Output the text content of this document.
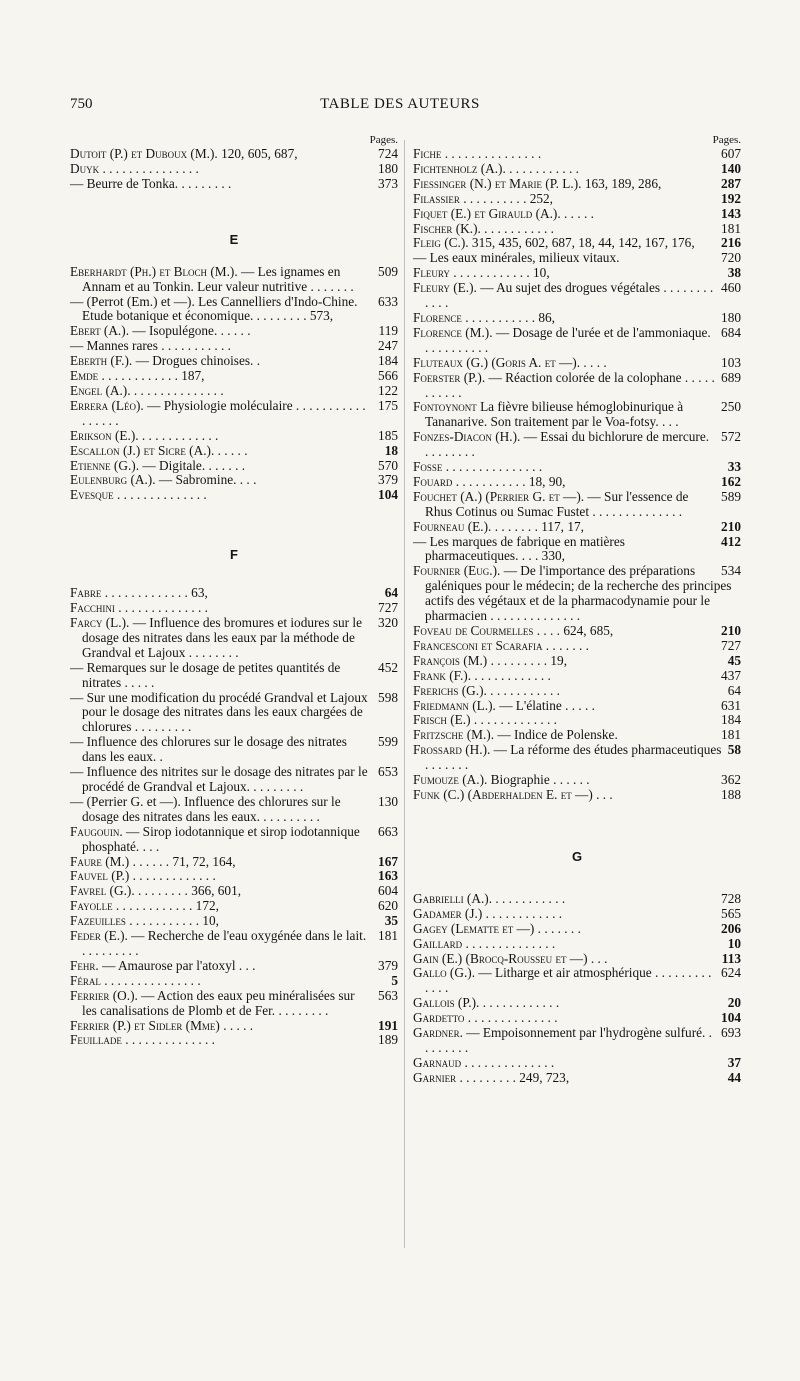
750	TABLE DES AUTEURS
Pages.
724
Dutoit (P.) et Duboux (M.). 120, 605, 687,
180
Duyk . . . . . . . . . . . . . . .
373
— Beurre de Tonka. . . . . . . . .
E
509
Eberhardt (Ph.) et Bloch (M.). — Les ignames en Annam et au Tonkin. Leur valeur nutritive . . . . . . .
633
— (Perrot (Em.) et —). Les Cannelliers d'Indo-Chine. Etude botanique et économique. . . . . . . . . 573,
119
Ebert (A.). — Isopulégone. . . . . .
247
— Mannes rares . . . . . . . . . . .
184
Eberth (F.). — Drogues chinoises. .
566
Emde . . . . . . . . . . . . 187,
122
Engel (A.). . . . . . . . . . . . . . .
175
Errera (Léo). — Physiologie moléculaire . . . . . . . . . . . . . . . . .
185
Erikson (E.). . . . . . . . . . . . .
18
Escallon (J.) et Sicre (A.). . . . . .
570
Etienne (G.). — Digitale. . . . . . .
379
Eulenburg (A.). — Sabromine. . . .
104
Evesque . . . . . . . . . . . . . .
F
64
Fabre . . . . . . . . . . . . . 63,
727
Facchini . . . . . . . . . . . . . .
320
Farcy (L.). — Influence des bromures et iodures sur le dosage des nitrates dans les eaux par la méthode de Grandval et Lajoux . . . . . . . .
452
— Remarques sur le dosage de petites quantités de nitrates . . . . .
598
— Sur une modification du procédé Grandval et Lajoux pour le dosage des nitrates dans les eaux chargées de chlorures . . . . . . . . .
599
— Influence des chlorures sur le dosage des nitrates dans les eaux. .
653
— Influence des nitrites sur le dosage des nitrates par le procédé de Grandval et Lajoux. . . . . . . . .
130
— (Perrier G. et —). Influence des chlorures sur le dosage des nitrates dans les eaux. . . . . . . . . .
663
Faugouin. — Sirop iodotannique et sirop iodotannique phosphaté. . . .
167
Faure (M.) . . . . . . 71, 72, 164,
163
Fauvel (P.) . . . . . . . . . . . . .
604
Favrel (G.). . . . . . . . . 366, 601,
620
Fayolle . . . . . . . . . . . . 172,
35
Fazeuilles . . . . . . . . . . . 10,
181
Feder (E.). — Recherche de l'eau oxygénée dans le lait. . . . . . . . . .
379
Fehr. — Amaurose par l'atoxyl . . .
5
Féral . . . . . . . . . . . . . . .
563
Ferrier (O.). — Action des eaux peu minéralisées sur les canalisations de Plomb et de Fer. . . . . . . . .
191
Ferrier (P.) et Sidler (Mme) . . . . .
189
Feuillade . . . . . . . . . . . . . .
Pages.
607
Fiche . . . . . . . . . . . . . . .
140
Fichtenholz (A.). . . . . . . . . . . .
287
Fiessinger (N.) et Marie (P. L.). 163, 189, 286,
192
Filassier . . . . . . . . . . 252,
143
Fiquet (E.) et Girauld (A.). . . . . .
181
Fischer (K.). . . . . . . . . . . .
216
Fleig (C.). 315, 435, 602, 687, 18, 44, 142, 167, 176,
720
— Les eaux minérales, milieux vitaux.
38
Fleury . . . . . . . . . . . . 10,
460
Fleury (E.). — Au sujet des drogues végétales . . . . . . . . . . . .
180
Florence . . . . . . . . . . . 86,
684
Florence (M.). — Dosage de l'urée et de l'ammoniaque. . . . . . . . . . .
103
Fluteaux (G.) (Goris A. et —). . . . .
689
Foerster (P.). — Réaction colorée de la colophane . . . . . . . . . . .
250
Fontoynont La fièvre bilieuse hémoglobinurique à Tananarive. Son traitement par le Voa-fotsy. . . .
572
Fonzes-Diacon (H.). — Essai du bichlorure de mercure. . . . . . . . .
33
Fosse . . . . . . . . . . . . . . .
162
Fouard . . . . . . . . . . . 18, 90,
589
Fouchet (A.) (Perrier G. et —). — Sur l'essence de Rhus Cotinus ou Sumac Fustet . . . . . . . . . . . . . .
210
Fourneau (E.). . . . . . . . 117, 17,
412
— Les marques de fabrique en matières pharmaceutiques. . . . 330,
534
Fournier (Eug.). — De l'importance des préparations galéniques pour le médecin; de la recherche des principes actifs des végétaux et de la pharmacodynamie pour le pharmacien . . . . . . . . . . . . . .
210
Foveau de Courmelles . . . . 624, 685,
727
Francesconi et Scarafia . . . . . . .
45
François (M.) . . . . . . . . . 19,
437
Frank (F.). . . . . . . . . . . . .
64
Frerichs (G.). . . . . . . . . . . .
631
Friedmann (L.). — L'élatine . . . . .
184
Frisch (E.) . . . . . . . . . . . . .
181
Fritzsche (M.). — Indice de Polenske.
58
Frossard (H.). — La réforme des études pharmaceutiques . . . . . . .
362
Fumouze (A.). Biographie . . . . . .
188
Funk (C.) (Abderhalden E. et —) . . .
G
728
Gabrielli (A.). . . . . . . . . . . .
565
Gadamer (J.) . . . . . . . . . . . .
206
Gagey (Lematte et —) . . . . . . .
10
Gaillard . . . . . . . . . . . . . .
113
Gain (E.) (Brocq-Rousseu et —) . . .
624
Gallo (G.). — Litharge et air atmosphérique . . . . . . . . . . . . .
20
Gallois (P.). . . . . . . . . . . . .
104
Gardetto . . . . . . . . . . . . . .
693
Gardner. — Empoisonnement par l'hydrogène sulfuré. . . . . . . . .
37
Garnaud . . . . . . . . . . . . . .
44
Garnier . . . . . . . . . 249, 723,
